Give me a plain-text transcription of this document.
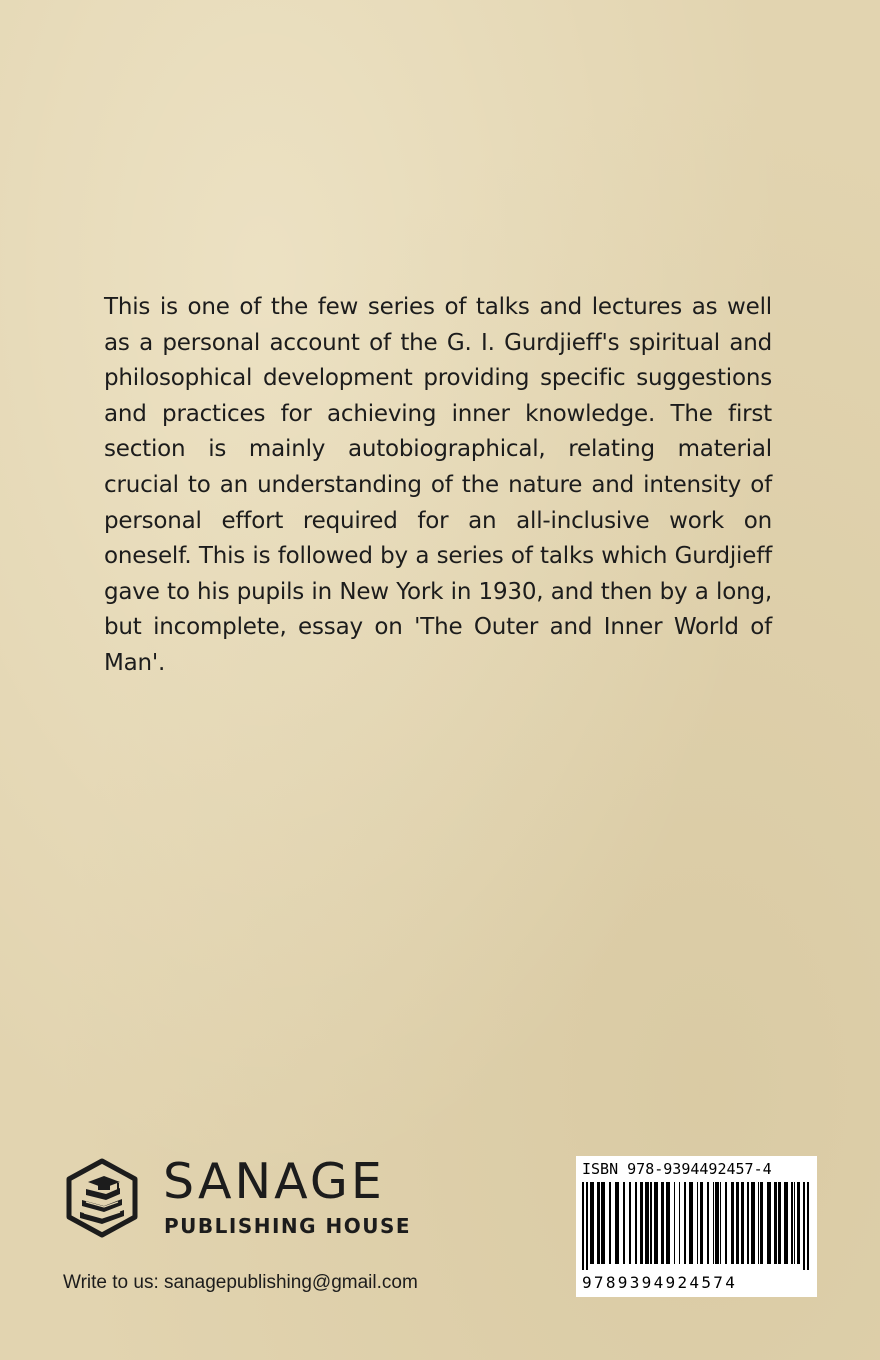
This is one of the few series of talks and lectures as well as a personal account of the G. I. Gurdjieff's spiritual and philosophical development providing specific suggestions and practices for achieving inner knowledge. The first section is mainly autobiographical, relating material crucial to an understanding of the nature and intensity of personal effort required for an all-inclusive work on oneself. This is followed by a series of talks which Gurdjieff gave to his pupils in New York in 1930, and then by a long, but incomplete, essay on 'The Outer and Inner World of Man'.

SANAGE
PUBLISHING HOUSE
Write to us: sanagepublishing@gmail.com
ISBN 978-9394492457-4
9789394924574
